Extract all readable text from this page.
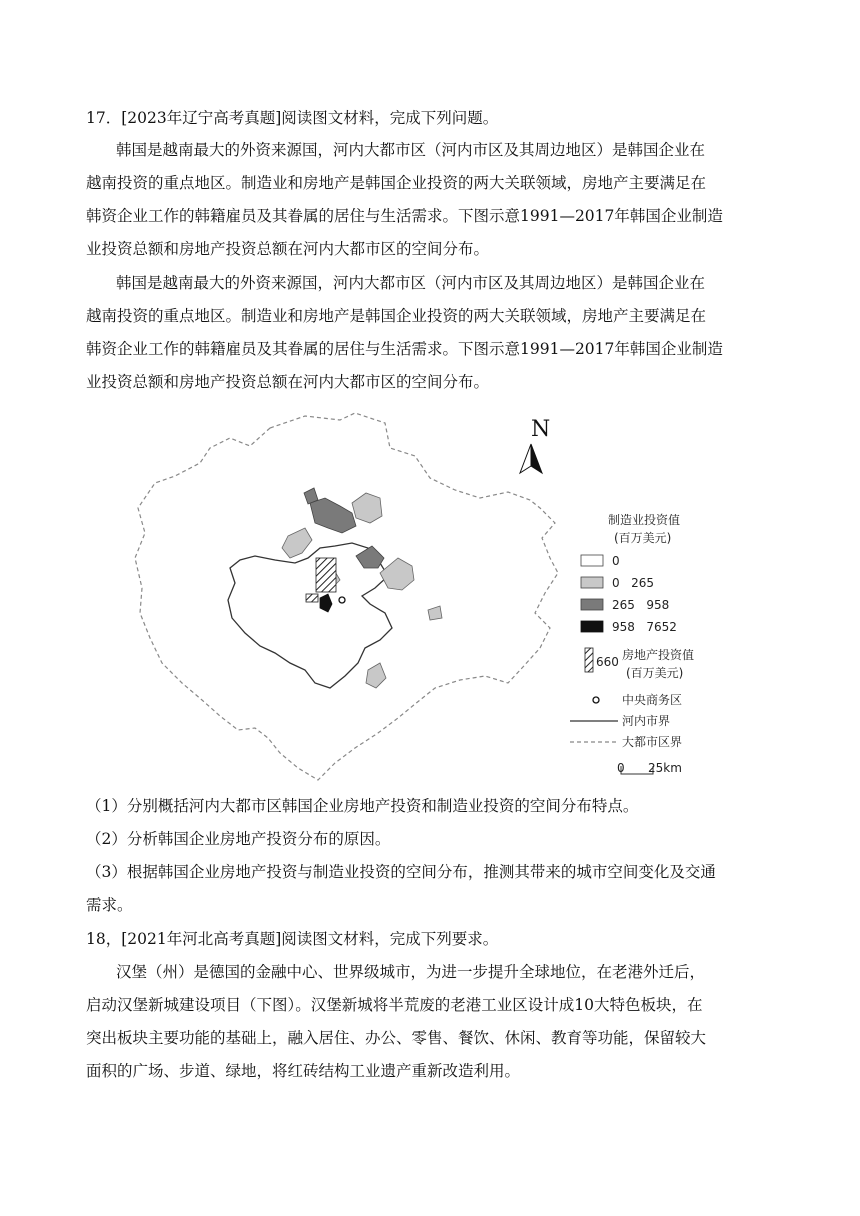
17．[2023年辽宁高考真题]阅读图文材料，完成下列问题。
韩国是越南最大的外资来源国，河内大都市区（河内市区及其周边地区）是韩国企业在
越南投资的重点地区。制造业和房地产是韩国企业投资的两大关联领域，房地产主要满足在
韩资企业工作的韩籍雇员及其眷属的居住与生活需求。下图示意1991—2017年韩国企业制造
业投资总额和房地产投资总额在河内大都市区的空间分布。
韩国是越南最大的外资来源国，河内大都市区（河内市区及其周边地区）是韩国企业在
越南投资的重点地区。制造业和房地产是韩国企业投资的两大关联领域，房地产主要满足在
韩资企业工作的韩籍雇员及其眷属的居住与生活需求。下图示意1991—2017年韩国企业制造
业投资总额和房地产投资总额在河内大都市区的空间分布。
N
制造业投资值
(百万美元)
0
0   265
265   958
958   7652
660 房地产投资值
(百万美元)
中央商务区
河内市界
大都市区界
0 25km
（1）分别概括河内大都市区韩国企业房地产投资和制造业投资的空间分布特点。
（2）分析韩国企业房地产投资分布的原因。
（3）根据韩国企业房地产投资与制造业投资的空间分布，推测其带来的城市空间变化及交通
需求。
18，[2021年河北高考真题]阅读图文材料，完成下列要求。
汉堡（州）是德国的金融中心、世界级城市，为进一步提升全球地位，在老港外迁后，
启动汉堡新城建设项目（下图）。汉堡新城将半荒废的老港工业区设计成10大特色板块，在
突出板块主要功能的基础上，融入居住、办公、零售、餐饮、休闲、教育等功能，保留较大
面积的广场、步道、绿地，将红砖结构工业遗产重新改造利用。
